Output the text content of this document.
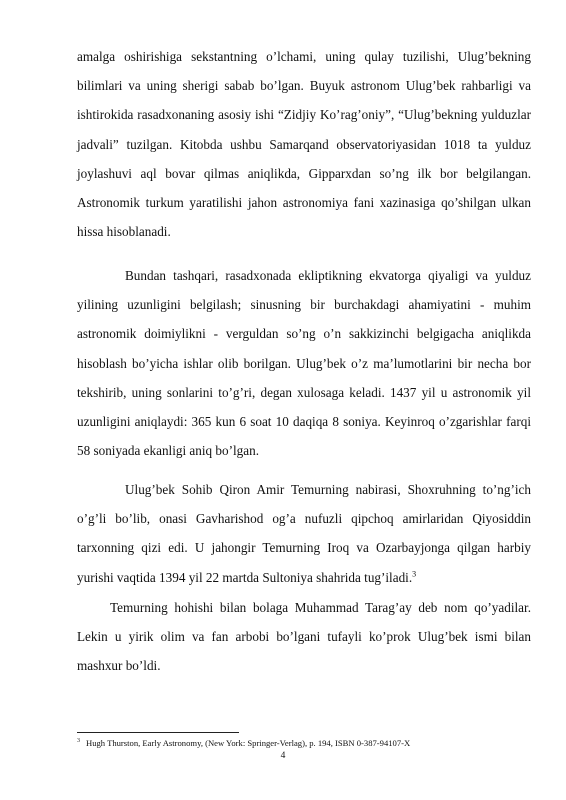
amalga oshirishiga sekstantning o’lchami, uning qulay tuzilishi, Ulug’bekning bilimlari va uning sherigi sabab bo’lgan. Buyuk astronom Ulug’bek rahbarligi va ishtirokida rasadxonaning asosiy ishi “Zidjiy Ko’rag’oniy”, “Ulug’bekning yulduzlar jadvali” tuzilgan. Kitobda ushbu Samarqand observatoriyasidan 1018 ta yulduz joylashuvi aql bovar qilmas aniqlikda, Gipparxdan so’ng ilk bor belgilangan. Astronomik turkum yaratilishi jahon astronomiya fani xazinasiga qo’shilgan ulkan hissa hisoblanadi.

Bundan tashqari, rasadxonada ekliptikning ekvatorga qiyaligi va yulduz yilining uzunligini belgilash; sinusning bir burchakdagi ahamiyatini - muhim astronomik doimiylikni - verguldan so’ng o’n sakkizinchi belgigacha aniqlikda hisoblash bo’yicha ishlar olib borilgan. Ulug’bek o’z ma’lumotlarini bir necha bor tekshirib, uning sonlarini to’g’ri, degan xulosaga keladi. 1437 yil u astronomik yil uzunligini aniqlaydi: 365 kun 6 soat 10 daqiqa 8 soniya. Keyinroq o’zgarishlar farqi 58 soniyada ekanligi aniq bo’lgan.

Ulug’bek Sohib Qiron Amir Temurning nabirasi, Shoxruhning to’ng’ich o’g’li bo’lib, onasi Gavharishod og’a nufuzli qipchoq amirlaridan Qiyosiddin tarxonning qizi edi. U jahongir Temurning Iroq va Ozarbayjonga qilgan harbiy yurishi vaqtida 1394 yil 22 martda Sultoniya shahrida tug’iladi.$^3$

Temurning hohishi bilan bolaga Muhammad Tarag’ay deb nom qo’yadilar. Lekin u yirik olim va fan arbobi bo’lgani tufayli ko’prok Ulug’bek ismi bilan mashxur bo’ldi.

$^3$ Hugh Thurston, Early Astronomy, (New York: Springer-Verlag), p. 194, ISBN 0-387-94107-X

4
